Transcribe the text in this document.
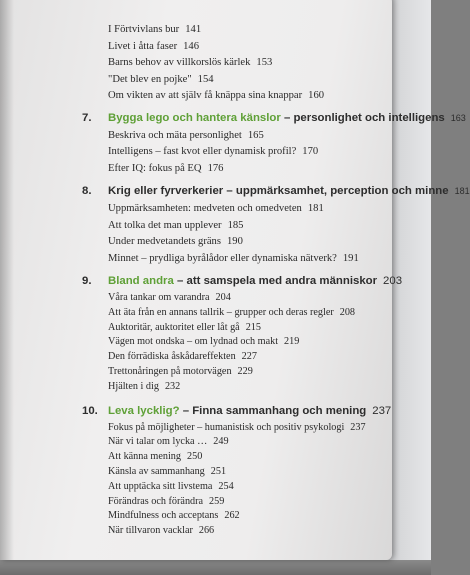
I Förtvivlans bur 141
Livet i åtta faser 146
Barns behov av villkorslös kärlek 153
"Det blev en pojke" 154
Om vikten av att själv få knäppa sina knappar 160
7. Bygga lego och hantera känslor – personlighet och intelligens 163
Beskriva och mäta personlighet 165
Intelligens – fast kvot eller dynamisk profil? 170
Efter IQ: fokus på EQ 176
8. Krig eller fyrverkerier – uppmärksamhet, perception och minne 181
Uppmärksamheten: medveten och omedveten 181
Att tolka det man upplever 185
Under medvetandets gräns 190
Minnet – prydliga byrålådor eller dynamiska nätverk? 191
9. Bland andra – att samspela med andra människor 203
Våra tankar om varandra 204
Att äta från en annans tallrik – grupper och deras regler 208
Auktoritär, auktoritet eller låt gå 215
Vägen mot ondska – om lydnad och makt 219
Den förrädiska åskådareffekten 227
Trettonåringen på motorvägen 229
Hjälten i dig 232
10. Leva lycklig? – Finna sammanhang och mening 237
Fokus på möjligheter – humanistisk och positiv psykologi 237
När vi talar om lycka … 249
Att känna mening 250
Känsla av sammanhang 251
Att upptäcka sitt livstema 254
Förändras och förändra 259
Mindfulness och acceptans 262
När tillvaron vacklar 266
